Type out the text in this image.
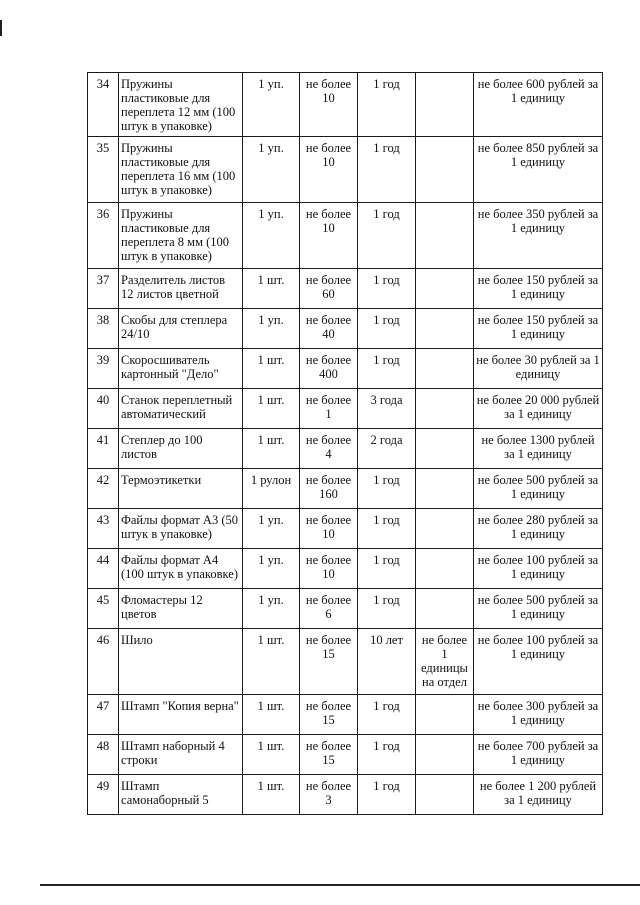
34	Пружины пластиковые для переплета 12 мм (100 штук в упаковке)	1 уп.	не более 10	1 год		не более 600 рублей за 1 единицу
35	Пружины пластиковые для переплета 16 мм (100 штук в упаковке)	1 уп.	не более 10	1 год		не более 850 рублей за 1 единицу
36	Пружины пластиковые для переплета 8 мм (100 штук в упаковке)	1 уп.	не более 10	1 год		не более 350 рублей за 1 единицу
37	Разделитель листов 12 листов цветной	1 шт.	не более 60	1 год		не более 150 рублей за 1 единицу
38	Скобы для степлера 24/10	1 уп.	не более 40	1 год		не более 150 рублей за 1 единицу
39	Скоросшиватель картонный "Дело"	1 шт.	не более 400	1 год		не более 30 рублей за 1 единицу
40	Станок переплетный автоматический	1 шт.	не более 1	3 года		не более 20 000 рублей за 1 единицу
41	Степлер до 100 листов	1 шт.	не более 4	2 года		не более 1300 рублей за 1 единицу
42	Термоэтикетки	1 рулон	не более 160	1 год		не более 500 рублей за 1 единицу
43	Файлы формат А3 (50 штук в упаковке)	1 уп.	не более 10	1 год		не более 280 рублей за 1 единицу
44	Файлы формат А4 (100 штук в упаковке)	1 уп.	не более 10	1 год		не более 100 рублей за 1 единицу
45	Фломастеры 12 цветов	1 уп.	не более 6	1 год		не более 500 рублей за 1 единицу
46	Шило	1 шт.	не более 15	10 лет	не более 1 единицы на отдел	не более 100 рублей за 1 единицу
47	Штамп "Копия верна"	1 шт.	не более 15	1 год		не более 300 рублей за 1 единицу
48	Штамп наборный 4 строки	1 шт.	не более 15	1 год		не более 700 рублей за 1 единицу
49	Штамп самонаборный 5	1 шт.	не более 3	1 год		не более 1 200 рублей за 1 единицу
